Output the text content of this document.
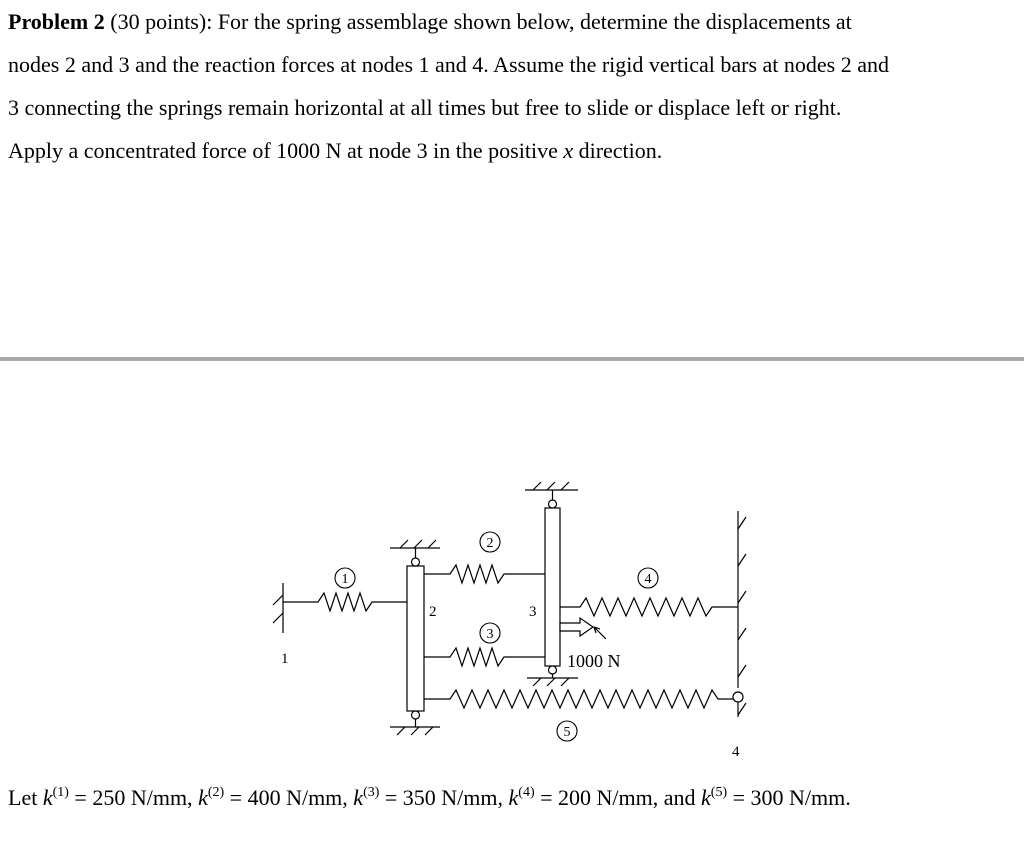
Problem 2 (30 points): For the spring assemblage shown below, determine the displacements at

nodes 2 and 3 and the reaction forces at nodes 1 and 4. Assume the rigid vertical bars at nodes 2 and

3 connecting the springs remain horizontal at all times but free to slide or displace left or right.

Apply a concentrated force of 1000 N at node 3 in the positive x direction.

1
2
3
4
5
1
2	3
4
1000 N
Let $k^{(1)} = 250$ N/mm, $k^{(2)} = 400$ N/mm, $k^{(3)} = 350$ N/mm, $k^{(4)} = 200$ N/mm, and $k^{(5)} = 300$ N/mm.
